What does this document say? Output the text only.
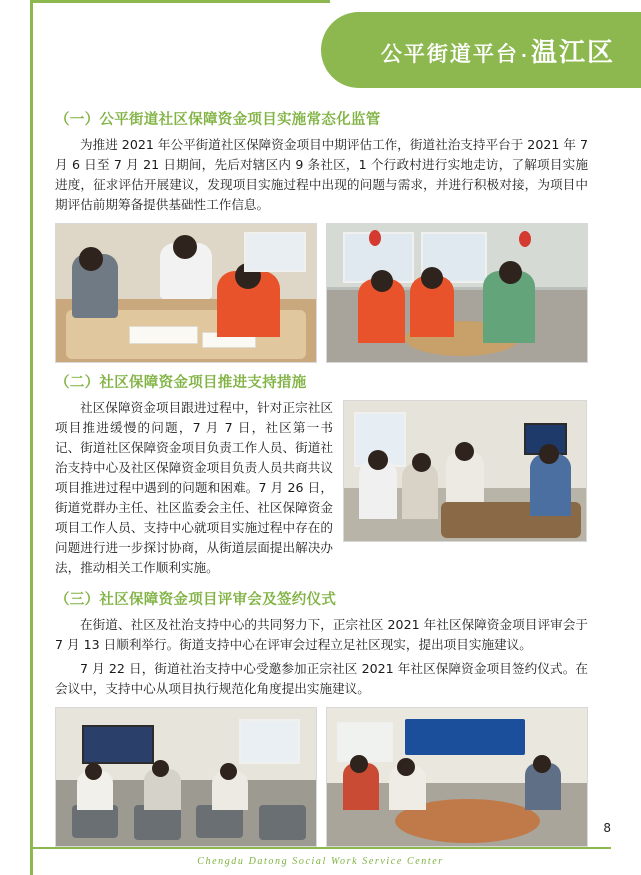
公平街道平台 ·温江区
（一）公平街道社区保障资金项目实施常态化监管

为推进 2021 年公平街道社区保障资金项目中期评估工作，街道社治支持平台于 2021 年 7 月 6 日至 7 月 21 日期间，先后对辖区内 9 条社区，1 个行政村进行实地走访，了解项目实施进度，征求评估开展建议，发现项目实施过程中出现的问题与需求，并进行积极对接，为项目中期评估前期筹备提供基础性工作信息。

（二）社区保障资金项目推进支持措施

社区保障资金项目跟进过程中，针对正宗社区项目推进缓慢的问题，7 月 7 日，社区第一书记、街道社区保障资金项目负责工作人员、街道社治支持中心及社区保障资金项目负责人员共商共议项目推进过程中遇到的问题和困难。7 月 26 日，街道党群办主任、社区监委会主任、社区保障资金项目工作人员、支持中心就项目实施过程中存在的问题进行进一步探讨协商，从街道层面提出解决办法，推动相关工作顺利实施。

（三）社区保障资金项目评审会及签约仪式

在街道、社区及社治支持中心的共同努力下，正宗社区 2021 年社区保障资金项目评审会于 7 月 13 日顺利举行。街道支持中心在评审会过程立足社区现实，提出项目实施建议。

7 月 22 日，街道社治支持中心受邀参加正宗社区 2021 年社区保障资金项目签约仪式。在会议中，支持中心从项目执行规范化角度提出实施建议。

8
Chengdu Datong Social Work Service Center
